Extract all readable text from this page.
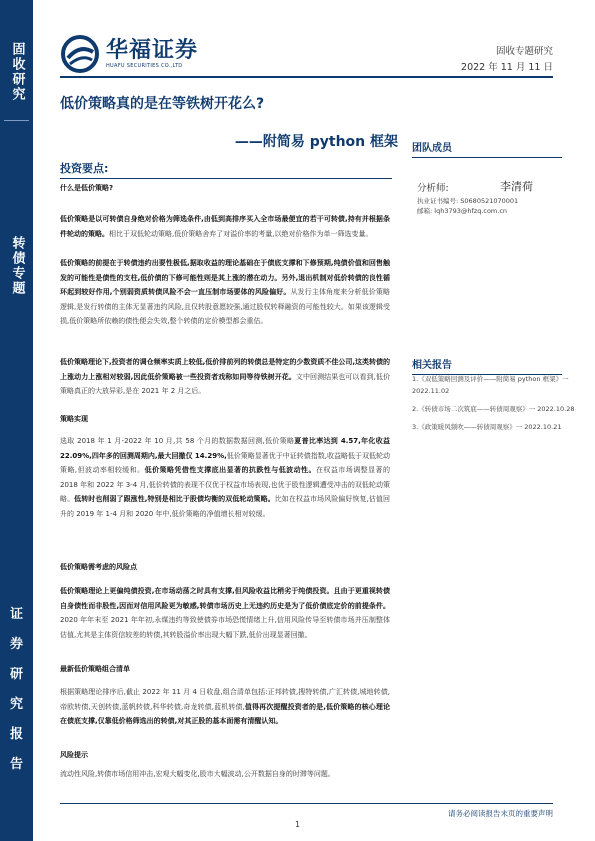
固收研究
转债专题
证
券
研
究
报
告
华福证券
HUAFU SECURITIES CO.,LTD
固收专题研究
2022 年 11 月 11 日
低价策略真的是在等铁树开花么?
——附简易 python 框架 团队成员
分析师:	李清荷
执业证书编号: S0680521070001
邮箱: lqh3793@hfzq.com.cn
相关报告
1.《双低策略回测及评价——附简易 python 框架》一 2022.11.02
2.《转债市场二次筑底——转债周观察》一 2022.10.28
3.《政策暖风频吹——转债周观察》一 2022.10.21
投资要点:
什么是低价策略?
低价策略是以可转债自身绝对价格为筛选条件,由低到高排序买入全市场最便宜的若干可转债,持有并根据条件轮动的策略。相比于双低轮动策略,低价策略舍弃了对溢价率的考量,以绝对价格作为单一筛选变量。
低价策略的前提在于转债违约出要性极低,据取收益的理论基础在于债底支撑和下修预期,纯债价值和回售触发的可能性是债性的支柱,低价债的下修可能性则是其上涨的潜在动力。另外,退出机制对低价转债的良性循环起到较好作用,个别弱资质转债风险不会一直压制市场要体的风险偏好。从发行主体角度来分析低价策略逻辑,是发行转债的主体无显著违约风险,且仅转股意愿较强,通过股权转释融资的可能性较大。如果该逻辑受损,低价策略所依赖的债性便会失效,整个转债的定价模型都会重估。
低价策略理论下,投资者的调仓频率实质上较低,低价排前列的转债总是特定的少数资质不佳公司,这类转债的上涨动力上涨相对较弱,因此低价策略被一些投资者戏称如同等待铁树开花。文中回测结果也可以看到,低价策略真正的大放异彩,是在 2021 年 2 月之后。
策略实现
选取 2018 年 1 月-2022 年 10 月,共 58 个月的数据数据回测,低价策略夏普比率达到 4.57,年化收益 22.09%,四年多的回测周期内,最大回撤仅 14.29%,低价策略显著优于中证转债指数,收益略低于双低轮动策略,但波动率相较缓和。低价策略凭借性支撑底出显著的抗跌性与低波动性。在权益市场调整显著的 2018 年和 2022 年 3-4 月,低价转债的表现不仅优于权益市场表现,也优于股性逻辑遭受冲击的双低轮动策略。低转时也削弱了跟涨性,特别是相比于股债均衡的双低轮动策略。比如在权益市场风险偏好恢复,估值回升的 2019 年 1-4 月和 2020 年中,低价策略的净值增长相对较缓。
低价策略需考虑的风险点
低价策略理论上更偏纯债投资,在市场动荡之时具有支撑,但风险收益比稍劣于纯债投资。且由于更重视转债自身债性而非股性,因而对信用风险更为敏感,转债市场历史上无违约历史是为了低价债底定价的前提条件。2020 年年末至 2021 年年初,永煤违约等致使债券市场恐慌情绪上升,信用风险传导至转债市场并压制整体估值,尤其是主体资信较差的转债,其转股溢价率出现大幅下跌,低价出现显著回撤。
最新低价策略组合清单
根据策略理论排序后,截止 2022 年 11 月 4 日收盘,组合清单包括:正邦转债,搜特转债,广汇转债,城地转债,帝欧转债,天创转债,蓝帆转债,科华转债,奇龙转债,蓝机转债,值得再次提醒投资者的是,低价策略的核心理论在债底支撑,仅靠低价格筛选出的转债,对其正股的基本面需有清醒认知。
风险提示
流动性风险,转债市场信用冲击,宏观大幅变化,股市大幅波动,公开数据自身的时滞等问题。
请务必阅读报告末页的重要声明
1
